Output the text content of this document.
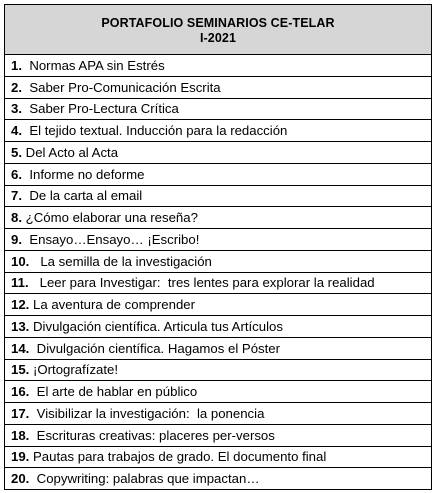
PORTAFOLIO SEMINARIOS CE-TELAR
I-2021
1.
Normas APA sin Estrés
2.
Saber Pro-Comunicación Escrita
3.
Saber Pro-Lectura Crítica
4.
El tejido textual. Inducción para la redacción
5.
Del Acto al Acta
6.
Informe no deforme
7.
De la carta al email
8.
¿Cómo elaborar una reseña?
9.
Ensayo…Ensayo… ¡Escribo!
10.
La semilla de la investigación
11.
Leer para Investigar:  tres lentes para explorar la realidad
12.
La aventura de comprender
13.
Divulgación científica. Articula tus Artículos
14.
Divulgación científica. Hagamos el Póster
15.
¡Ortografízate!
16.
El arte de hablar en público
17.
Visibilizar la investigación:  la ponencia
18.
Escrituras creativas: placeres per-versos
19.
Pautas para trabajos de grado. El documento final
20.
Copywriting: palabras que impactan…
